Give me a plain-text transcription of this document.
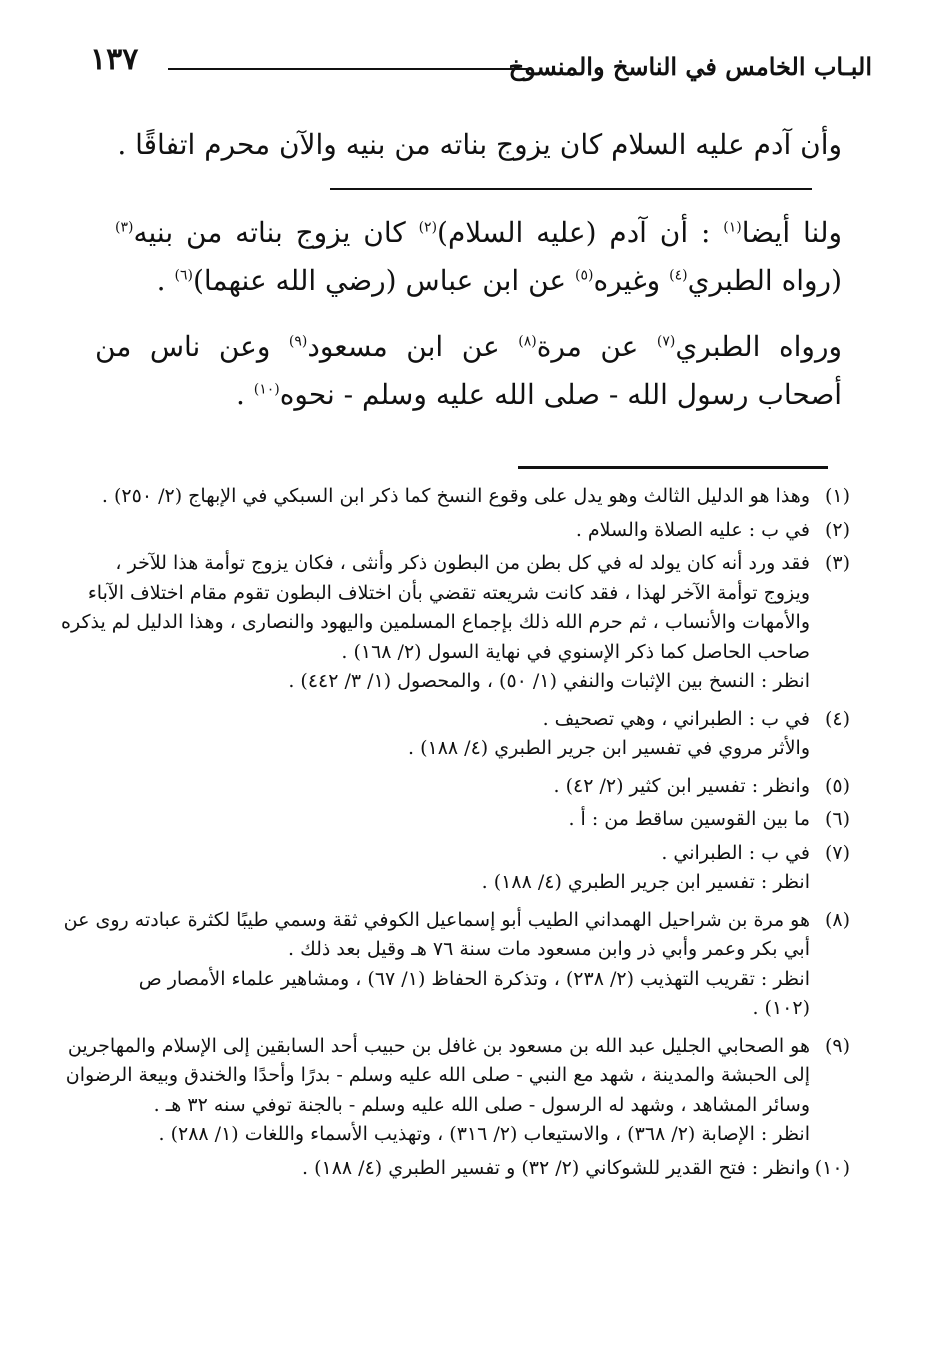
١٣٧	البـاب الخامس في الناسخ والمنسوخ
وأن آدم عليه السلام كان يزوج بناته من بنيه والآن محرم اتفاقًا .
ولنا أيضا$^{(١)}$ : أن آدم (عليه السلام)$^{(٢)}$ كان يزوج بناته من بنيه$^{(٣)}$
(رواه الطبري$^{(٤)}$ وغيره$^{(٥)}$ عن ابن عباس (رضي الله عنهما)$^{(٦)}$ .
ورواه الطبري$^{(٧)}$ عن مرة$^{(٨)}$ عن ابن مسعود$^{(٩)}$ وعن ناس من
أصحاب رسول الله - صلى الله عليه وسلم - نحوه$^{(١٠)}$ .
(١)وهذا هو الدليل الثالث وهو يدل على وقوع النسخ كما ذكر ابن السبكي في الإبهاج (٢/ ٢٥٠) .
(٢)في ب : عليه الصلاة والسلام .
(٣)فقد ورد أنه كان يولد له في كل بطن من البطون ذكر وأنثى ، فكان يزوج توأمة هذا للآخر ،
ويزوج توأمة الآخر لهذا ، فقد كانت شريعته تقضي بأن اختلاف البطون تقوم مقام اختلاف الآباء
والأمهات والأنساب ، ثم حرم الله ذلك بإجماع المسلمين واليهود والنصارى ، وهذا الدليل لم يذكره
صاحب الحاصل كما ذكر الإسنوي في نهاية السول (٢/ ١٦٨) .
انظر : النسخ بين الإثبات والنفي (١/ ٥٠) ، والمحصول (١/ ٣/ ٤٤٢) .
(٤)في ب : الطبراني ، وهي تصحيف .
والأثر مروي في تفسير ابن جرير الطبري (٤/ ١٨٨) .
(٥)وانظر : تفسير ابن كثير (٢/ ٤٢) .
(٦)ما بين القوسين ساقط من : أ .
(٧)في ب : الطبراني .
انظر : تفسير ابن جرير الطبري (٤/ ١٨٨) .
(٨)هو مرة بن شراحيل الهمداني الطيب أبو إسماعيل الكوفي ثقة وسمي طيبًا لكثرة عبادته روى عن
أبي بكر وعمر وأبي ذر وابن مسعود مات سنة ٧٦ هـ وقيل بعد ذلك .
انظر : تقريب التهذيب (٢/ ٢٣٨) ، وتذكرة الحفاظ (١/ ٦٧) ، ومشاهير علماء الأمصار ص
(١٠٢) .
(٩)هو الصحابي الجليل عبد الله بن مسعود بن غافل بن حبيب أحد السابقين إلى الإسلام والمهاجرين
إلى الحبشة والمدينة ، شهد مع النبي - صلى الله عليه وسلم - بدرًا وأحدًا والخندق وبيعة الرضوان
وسائر المشاهد ، وشهد له الرسول - صلى الله عليه وسلم - بالجنة توفي سنه ٣٢ هـ .
انظر : الإصابة (٢/ ٣٦٨) ، والاستيعاب (٢/ ٣١٦) ، وتهذيب الأسماء واللغات (١/ ٢٨٨) .
(١٠)وانظر : فتح القدير للشوكاني (٢/ ٣٢) و تفسير الطبري (٤/ ١٨٨) .
